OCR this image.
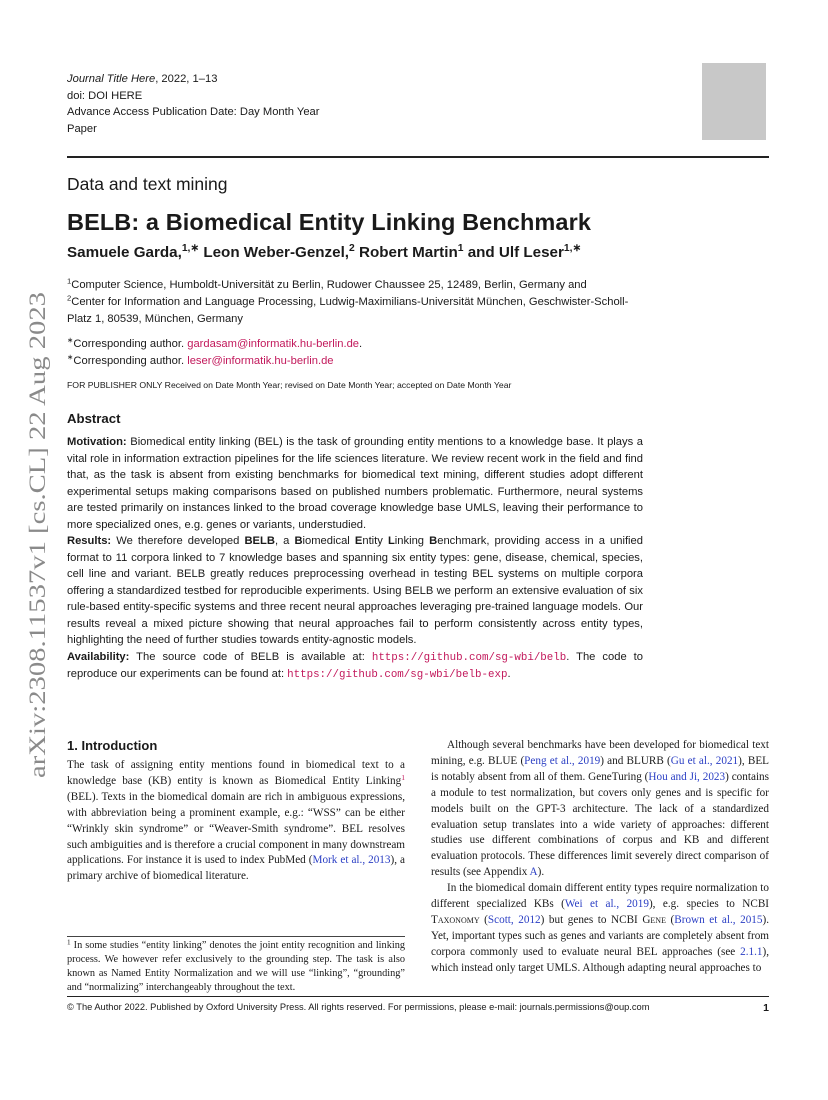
arXiv:2308.11537v1 [cs.CL] 22 Aug 2023
Journal Title Here, 2022, 1–13
doi: DOI HERE
Advance Access Publication Date: Day Month Year
Paper
Data and text mining
BELB: a Biomedical Entity Linking Benchmark
Samuele Garda,$^{1,∗}$ Leon Weber-Genzel,$^2$ Robert Martin$^1$ and Ulf Leser$^{1,∗}$

$^1$Computer Science, Humboldt-Universität zu Berlin, Rudower Chaussee 25, 12489, Berlin, Germany and

$^2$Center for Information and Language Processing, Ludwig-Maximilians-Universität München, Geschwister-Scholl-Platz 1, 80539, München, Germany

∗Corresponding author. gardasam@informatik.hu-berlin.de.

∗Corresponding author. leser@informatik.hu-berlin.de

FOR PUBLISHER ONLY Received on Date Month Year; revised on Date Month Year; accepted on Date Month Year
Abstract

Motivation: Biomedical entity linking (BEL) is the task of grounding entity mentions to a knowledge base. It plays a vital role in information extraction pipelines for the life sciences literature. We review recent work in the field and find that, as the task is absent from existing benchmarks for biomedical text mining, different studies adopt different experimental setups making comparisons based on published numbers problematic. Furthermore, neural systems are tested primarily on instances linked to the broad coverage knowledge base UMLS, leaving their performance to more specialized ones, e.g. genes or variants, understudied.

Results: We therefore developed BELB, a Biomedical Entity Linking Benchmark, providing access in a unified format to 11 corpora linked to 7 knowledge bases and spanning six entity types: gene, disease, chemical, species, cell line and variant. BELB greatly reduces preprocessing overhead in testing BEL systems on multiple corpora offering a standardized testbed for reproducible experiments. Using BELB we perform an extensive evaluation of six rule-based entity-specific systems and three recent neural approaches leveraging pre-trained language models. Our results reveal a mixed picture showing that neural approaches fail to perform consistently across entity types, highlighting the need of further studies towards entity-agnostic models.

Availability: The source code of BELB is available at: https://github.com/sg-wbi/belb. The code to reproduce our experiments can be found at: https://github.com/sg-wbi/belb-exp.

1. Introduction

The task of assigning entity mentions found in biomedical text to a knowledge base (KB) entity is known as Biomedical Entity Linking$^1$ (BEL). Texts in the biomedical domain are rich in ambiguous expressions, with abbreviation being a prominent example, e.g.: “WSS” can be either “Wrinkly skin syndrome” or “Weaver-Smith syndrome”. BEL resolves such ambiguities and is therefore a crucial component in many downstream applications. For instance it is used to index PubMed (Mork et al., 2013), a primary archive of biomedical literature.

Although several benchmarks have been developed for biomedical text mining, e.g. BLUE (Peng et al., 2019) and BLURB (Gu et al., 2021), BEL is notably absent from all of them. GeneTuring (Hou and Ji, 2023) contains a module to test normalization, but covers only genes and is specific for models built on the GPT-3 architecture. The lack of a standardized evaluation setup translates into a wide variety of approaches: different studies use different combinations of corpus and KB and different evaluation protocols. These differences limit severely direct comparison of results (see Appendix A).

In the biomedical domain different entity types require normalization to different specialized KBs (Wei et al., 2019), e.g. species to NCBI Taxonomy (Scott, 2012) but genes to NCBI Gene (Brown et al., 2015). Yet, important types such as genes and variants are completely absent from corpora commonly used to evaluate neural BEL approaches (see 2.1.1), which instead only target UMLS. Although adapting neural approaches to

$^1$ In some studies “entity linking” denotes the joint entity recognition and linking process. We however refer exclusively to the grounding step. The task is also known as Named Entity Normalization and we will use “linking”, “grounding” and “normalizing” interchangeably throughout the text.

© The Author 2022. Published by Oxford University Press. All rights reserved. For permissions, please e-mail: journals.permissions@oup.com	1
